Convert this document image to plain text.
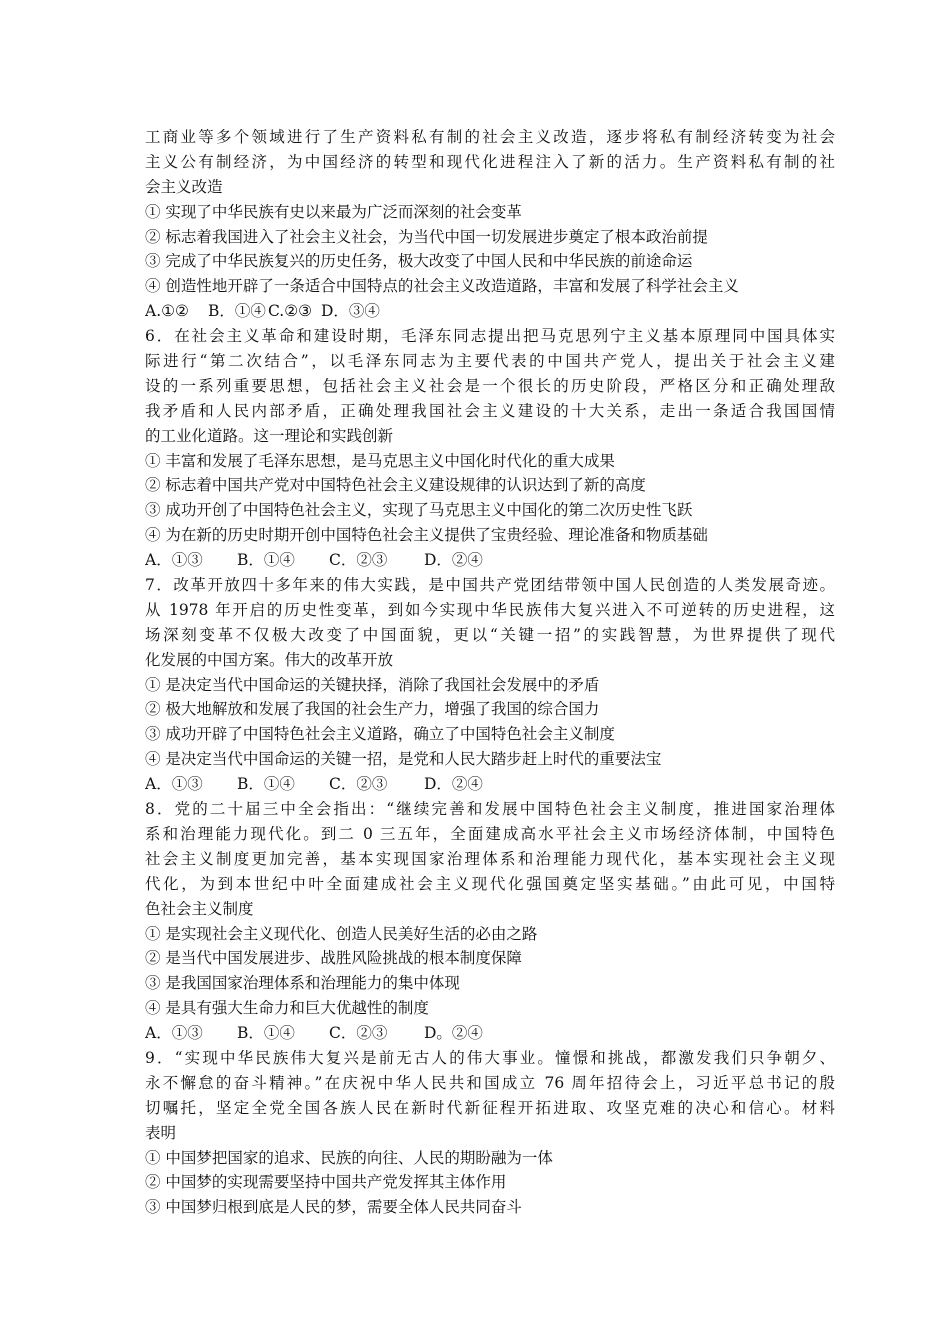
工商业等多个领域进行了生产资料私有制的社会主义改造，逐步将私有制经济转变为社会
主义公有制经济，为中国经济的转型和现代化进程注入了新的活力。生产资料私有制的社
会主义改造
① 实现了中华民族有史以来最为广泛而深刻的社会变革
② 标志着我国进入了社会主义社会，为当代中国一切发展进步奠定了根本政治前提
③ 完成了中华民族复兴的历史任务，极大改变了中国人民和中华民族的前途命运
④ 创造性地开辟了一条适合中国特点的社会主义改造道路，丰富和发展了科学社会主义
A.①② B．①④ C.②③ D．③④
6．在社会主义革命和建设时期，毛泽东同志提出把马克思列宁主义基本原理同中国具体实
际进行“第二次结合”，以毛泽东同志为主要代表的中国共产党人，提出关于社会主义建
设的一系列重要思想，包括社会主义社会是一个很长的历史阶段，严格区分和正确处理敌
我矛盾和人民内部矛盾，正确处理我国社会主义建设的十大关系，走出一条适合我国国情
的工业化道路。这一理论和实践创新
① 丰富和发展了毛泽东思想，是马克思主义中国化时代化的重大成果
② 标志着中国共产党对中国特色社会主义建设规律的认识达到了新的高度
③ 成功开创了中国特色社会主义，实现了马克思主义中国化的第二次历史性飞跃
④ 为在新的历史时期开创中国特色社会主义提供了宝贵经验、理论准备和物质基础
A．①③ B．①④ C．②③ D．②④
7．改革开放四十多年来的伟大实践，是中国共产党团结带领中国人民创造的人类发展奇迹。
从 1978 年开启的历史性变革，到如今实现中华民族伟大复兴进入不可逆转的历史进程，这
场深刻变革不仅极大改变了中国面貌，更以“关键一招”的实践智慧，为世界提供了现代
化发展的中国方案。伟大的改革开放
① 是决定当代中国命运的关键抉择，消除了我国社会发展中的矛盾
② 极大地解放和发展了我国的社会生产力，增强了我国的综合国力
③ 成功开辟了中国特色社会主义道路，确立了中国特色社会主义制度
④ 是决定当代中国命运的关键一招，是党和人民大踏步赶上时代的重要法宝
A．①③ B．①④ C．②③ D．②④
8．党的二十届三中全会指出：“继续完善和发展中国特色社会主义制度，推进国家治理体
系和治理能力现代化。到二 0 三五年，全面建成高水平社会主义市场经济体制，中国特色
社会主义制度更加完善，基本实现国家治理体系和治理能力现代化，基本实现社会主义现
代化，为到本世纪中叶全面建成社会主义现代化强国奠定坚实基础。”由此可见，中国特
色社会主义制度
① 是实现社会主义现代化、创造人民美好生活的必由之路
② 是当代中国发展进步、战胜风险挑战的根本制度保障
③ 是我国国家治理体系和治理能力的集中体现
④ 是具有强大生命力和巨大优越性的制度
A．①③ B．①④ C．②③ D。②④
9．“实现中华民族伟大复兴是前无古人的伟大事业。憧憬和挑战，都激发我们只争朝夕、
永不懈怠的奋斗精神。”在庆祝中华人民共和国成立 76 周年招待会上，习近平总书记的殷
切嘱托，坚定全党全国各族人民在新时代新征程开拓进取、攻坚克难的决心和信心。材料
表明
① 中国梦把国家的追求、民族的向往、人民的期盼融为一体
② 中国梦的实现需要坚持中国共产党发挥其主体作用
③ 中国梦归根到底是人民的梦，需要全体人民共同奋斗
